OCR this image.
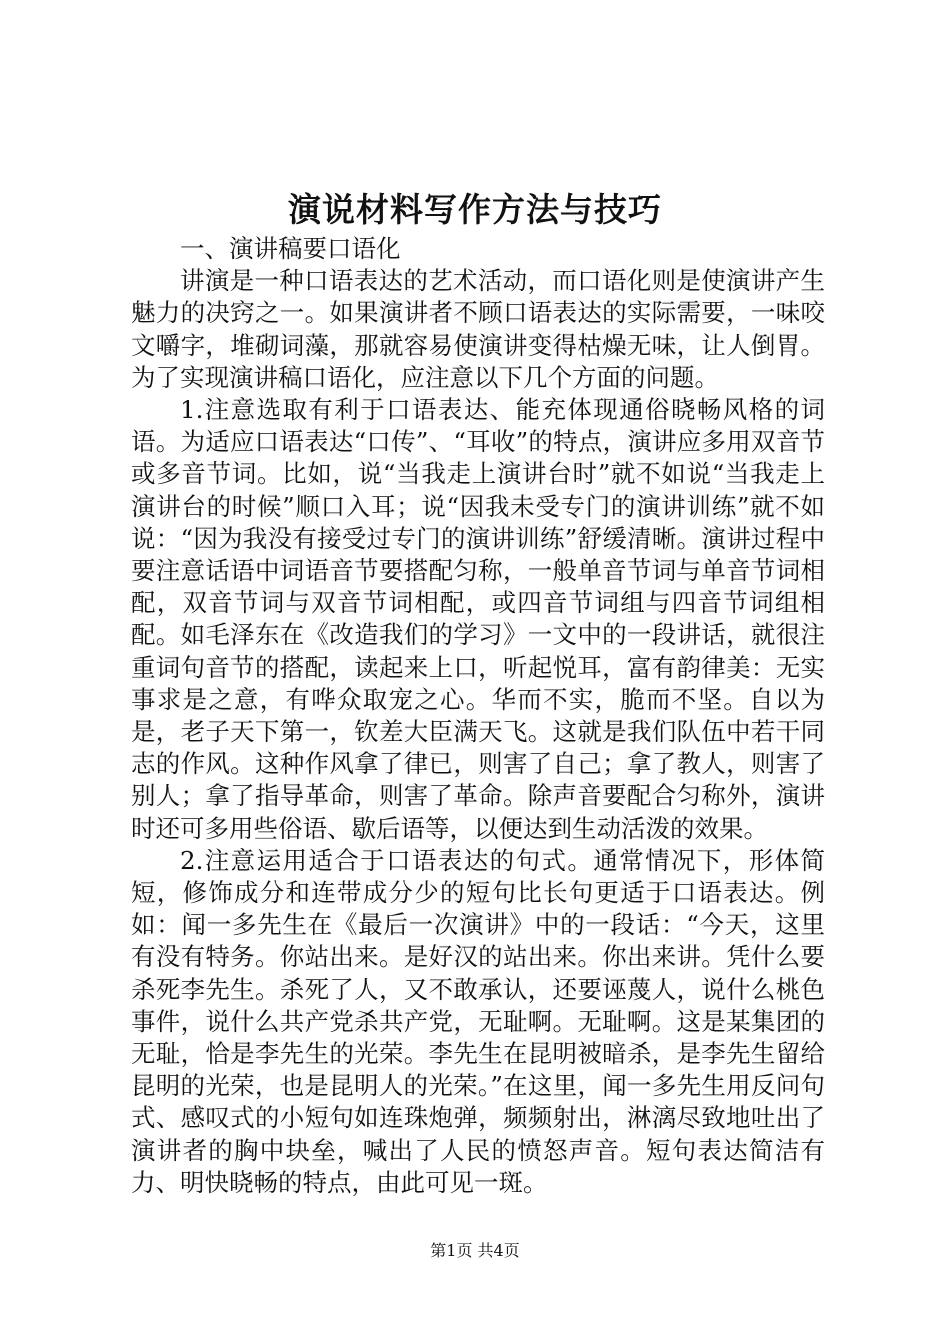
演说材料写作方法与技巧

一、演讲稿要口语化

讲演是一种口语表达的艺术活动，而口语化则是使演讲产生魅力的决窍之一。如果演讲者不顾口语表达的实际需要，一味咬文嚼字，堆砌词藻，那就容易使演讲变得枯燥无味，让人倒胃。为了实现演讲稿口语化，应注意以下几个方面的问题。

1.注意选取有利于口语表达、能充体现通俗晓畅风格的词语。为适应口语表达“口传”、“耳收”的特点，演讲应多用双音节或多音节词。比如，说“当我走上演讲台时”就不如说“当我走上演讲台的时候”顺口入耳；说“因我未受专门的演讲训练”就不如说：“因为我没有接受过专门的演讲训练”舒缓清晰。演讲过程中要注意话语中词语音节要搭配匀称，一般单音节词与单音节词相配，双音节词与双音节词相配，或四音节词组与四音节词组相配。如毛泽东在《改造我们的学习》一文中的一段讲话，就很注重词句音节的搭配，读起来上口，听起悦耳，富有韵律美：无实事求是之意，有哗众取宠之心。华而不实，脆而不坚。自以为是，老子天下第一，钦差大臣满天飞。这就是我们队伍中若干同志的作风。这种作风拿了律已，则害了自己；拿了教人，则害了别人；拿了指导革命，则害了革命。除声音要配合匀称外，演讲时还可多用些俗语、歇后语等，以便达到生动活泼的效果。

2.注意运用适合于口语表达的句式。通常情况下，形体简短，修饰成分和连带成分少的短句比长句更适于口语表达。例如：闻一多先生在《最后一次演讲》中的一段话：“今天，这里有没有特务。你站出来。是好汉的站出来。你出来讲。凭什么要杀死李先生。杀死了人，又不敢承认，还要诬蔑人，说什么桃色事件，说什么共产党杀共产党，无耻啊。无耻啊。这是某集团的无耻，恰是李先生的光荣。李先生在昆明被暗杀，是李先生留给昆明的光荣，也是昆明人的光荣。”在这里，闻一多先生用反问句式、感叹式的小短句如连珠炮弹，频频射出，淋漓尽致地吐出了演讲者的胸中块垒，喊出了人民的愤怒声音。短句表达简洁有力、明快晓畅的特点，由此可见一斑。

第1页 共4页
